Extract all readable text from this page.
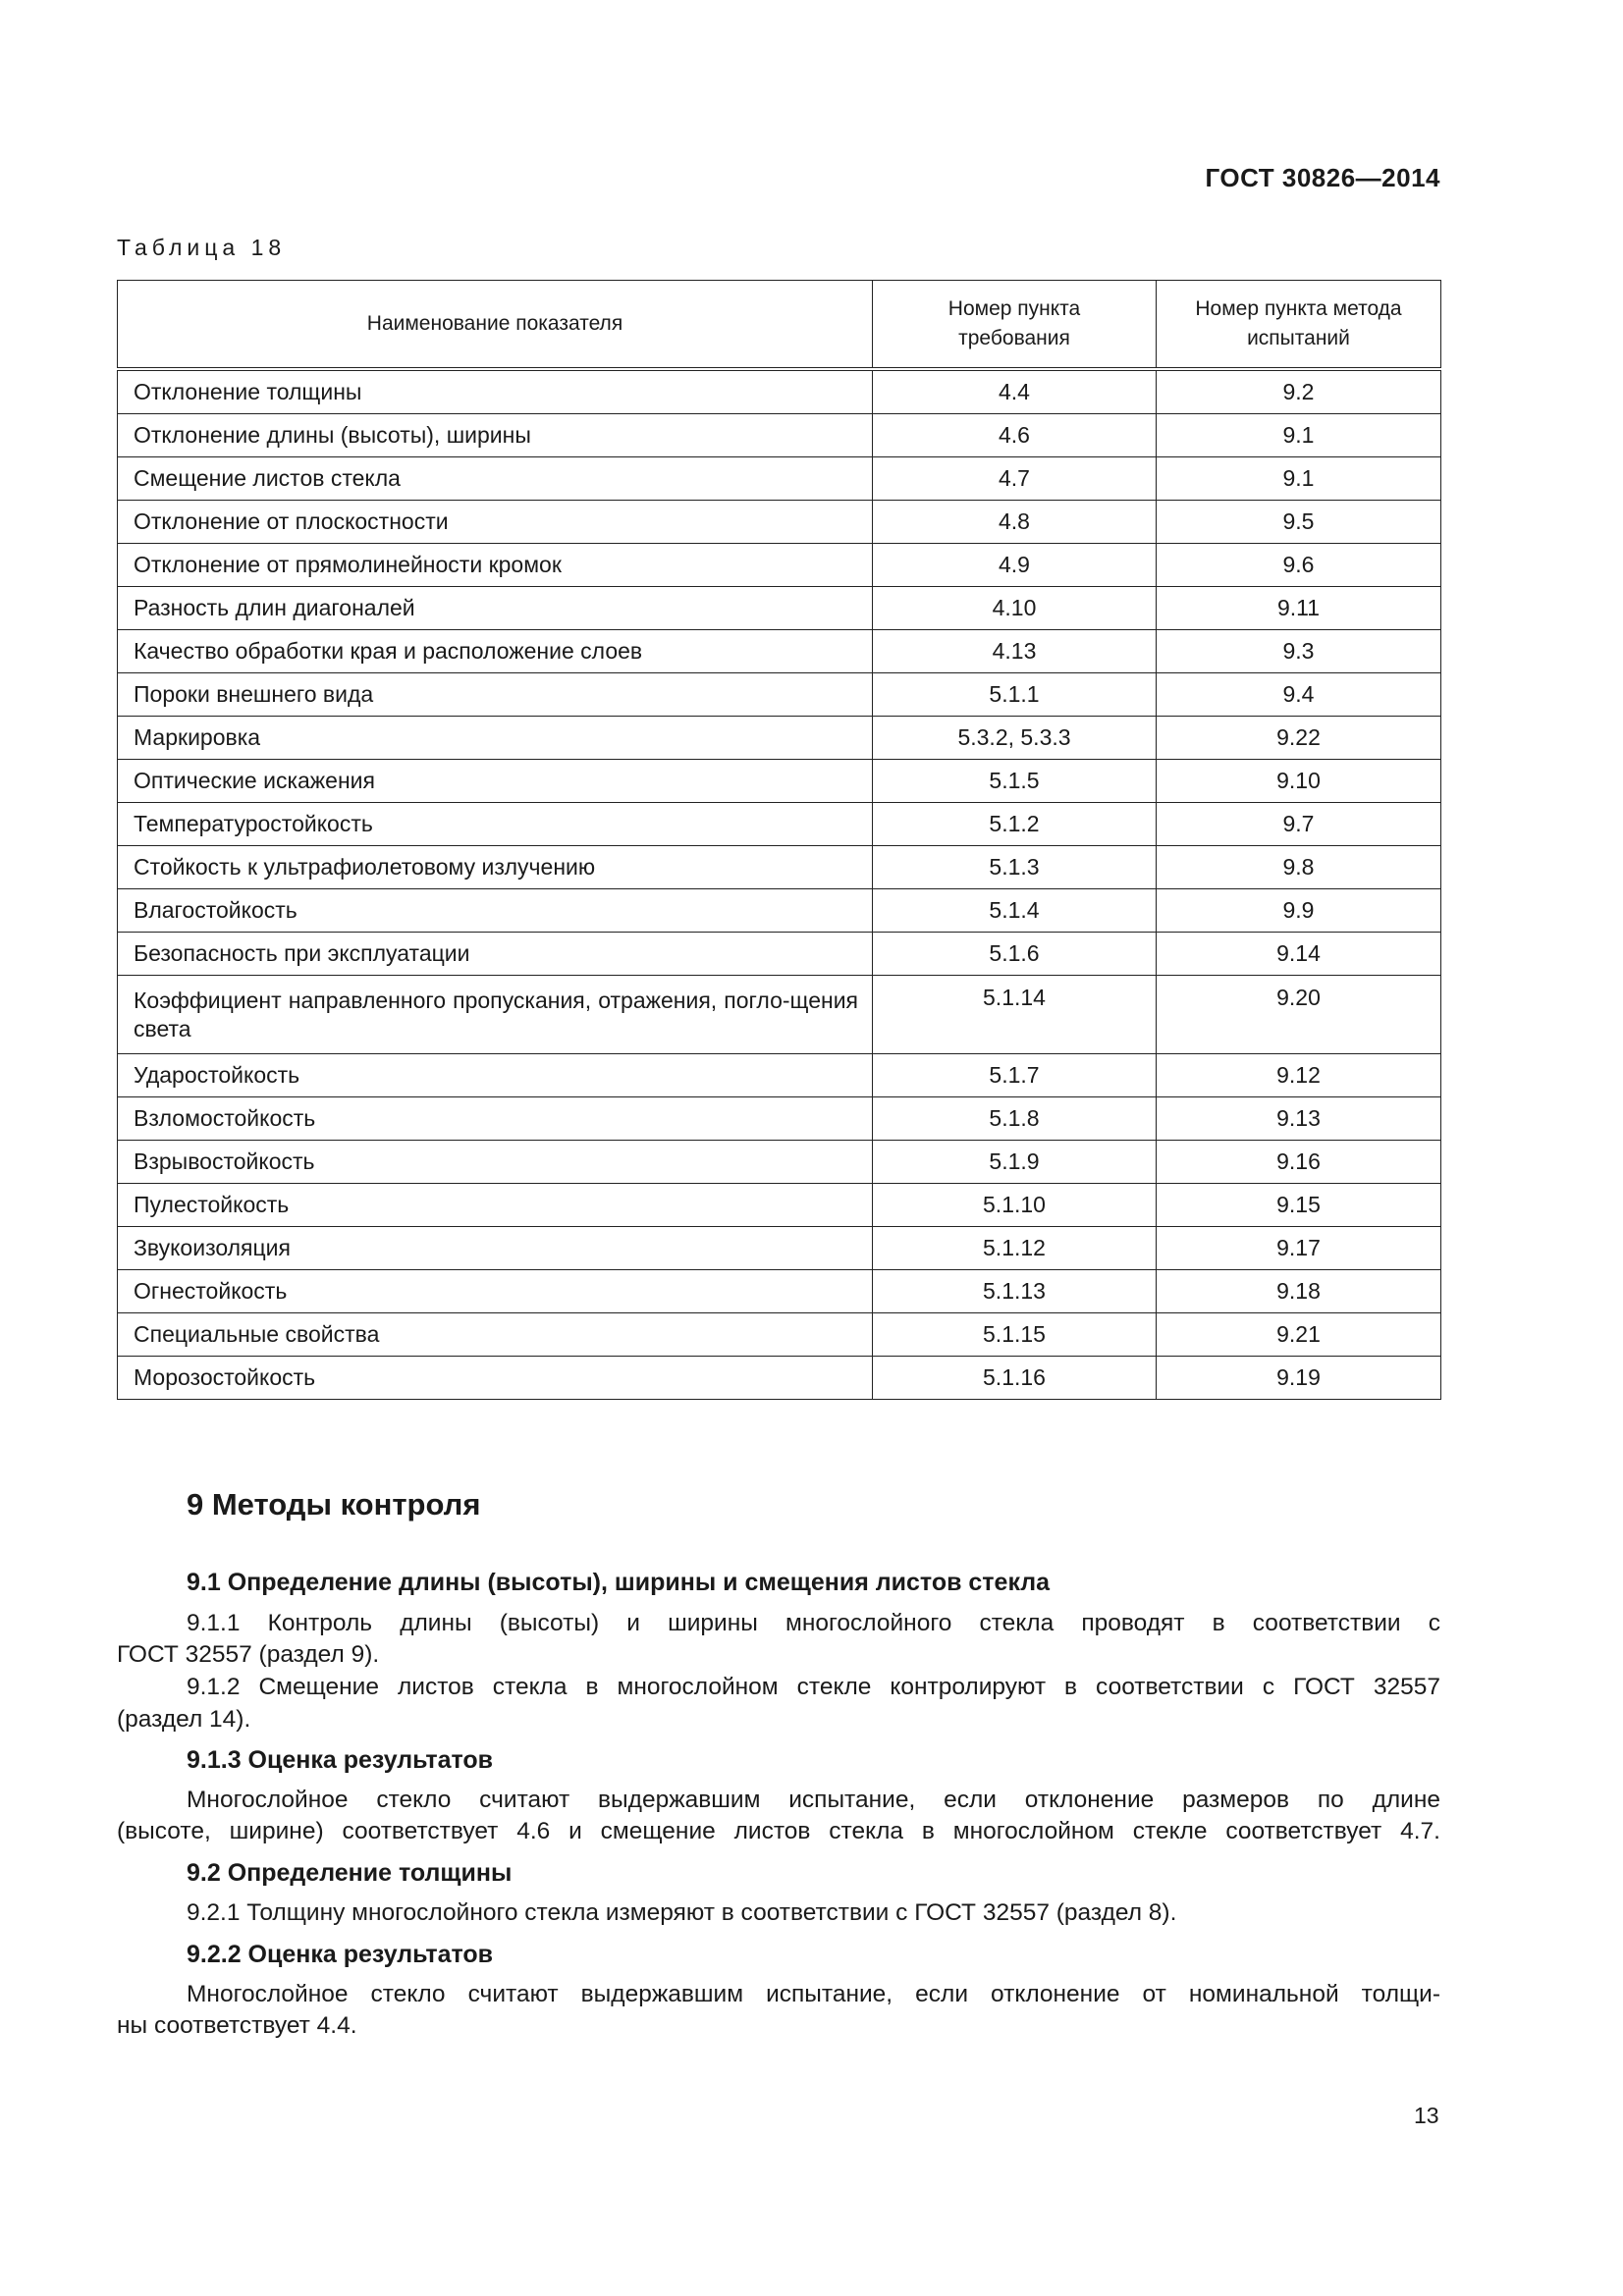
ГОСТ 30826—2014
Таблица 18
Наименование показателя	Номер пункта требования	Номер пункта метода испытаний
Отклонение толщины	4.4	9.2
Отклонение длины (высоты), ширины	4.6	9.1
Смещение листов стекла	4.7	9.1
Отклонение от плоскостности	4.8	9.5
Отклонение от прямолинейности кромок	4.9	9.6
Разность длин диагоналей	4.10	9.11
Качество обработки края и расположение слоев	4.13	9.3
Пороки внешнего вида	5.1.1	9.4
Маркировка	5.3.2, 5.3.3	9.22
Оптические искажения	5.1.5	9.10
Температуростойкость	5.1.2	9.7
Стойкость к ультрафиолетовому излучению	5.1.3	9.8
Влагостойкость	5.1.4	9.9
Безопасность при эксплуатации	5.1.6	9.14
Коэффициент направленного пропускания, отражения, погло-щения света	5.1.14	9.20
Ударостойкость	5.1.7	9.12
Взломостойкость	5.1.8	9.13
Взрывостойкость	5.1.9	9.16
Пулестойкость	5.1.10	9.15
Звукоизоляция	5.1.12	9.17
Огнестойкость	5.1.13	9.18
Специальные свойства	5.1.15	9.21
Морозостойкость	5.1.16	9.19
9 Методы контроля
9.1 Определение длины (высоты), ширины и смещения листов стекла
9.1.1 Контроль длины (высоты) и ширины многослойного стекла проводят в соответствии с
ГОСТ 32557 (раздел 9).
9.1.2 Смещение листов стекла в многослойном стекле контролируют в соответствии с ГОСТ 32557
(раздел 14).
9.1.3 Оценка результатов
Многослойное стекло считают выдержавшим испытание, если отклонение размеров по длине
(высоте, ширине) соответствует 4.6 и смещение листов стекла в многослойном стекле соответствует 4.7.
9.2 Определение толщины
9.2.1 Толщину многослойного стекла измеряют в соответствии с ГОСТ 32557 (раздел 8).
9.2.2 Оценка результатов
Многослойное стекло считают выдержавшим испытание, если отклонение от номинальной толщи-
ны соответствует 4.4.
13
